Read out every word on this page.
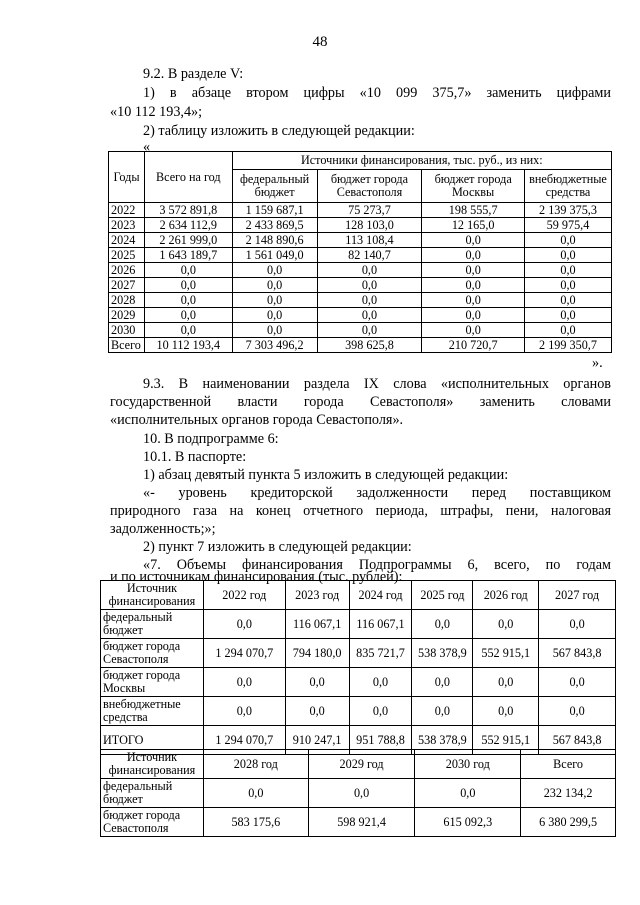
48
9.2. В разделе V:
1) в абзаце втором цифры «10 099 375,7» заменить цифрами
«10 112 193,4»;
2) таблицу изложить в следующей редакции:
«
Годы	Всего на год	Источники финансирования, тыс. руб., из них:			
		федеральный бюджет	бюджет города Севастополя	бюджет города Москвы	внебюджетные средства
2022	3 572 891,8	1 159 687,1	75 273,7	198 555,7	2 139 375,3
2023	2 634 112,9	2 433 869,5	128 103,0	12 165,0	59 975,4
2024	2 261 999,0	2 148 890,6	113 108,4	0,0	0,0
2025	1 643 189,7	1 561 049,0	82 140,7	0,0	0,0
2026	0,0	0,0	0,0	0,0	0,0
2027	0,0	0,0	0,0	0,0	0,0
2028	0,0	0,0	0,0	0,0	0,0
2029	0,0	0,0	0,0	0,0	0,0
2030	0,0	0,0	0,0	0,0	0,0
Всего	10 112 193,4	7 303 496,2	398 625,8	210 720,7	2 199 350,7
».
9.3. В наименовании раздела IX слова «исполнительных органов
государственной власти города Севастополя» заменить словами
«исполнительных органов города Севастополя».
10. В подпрограмме 6:
10.1. В паспорте:
1) абзац девятый пункта 5 изложить в следующей редакции:
«- уровень кредиторской задолженности перед поставщиком
природного газа на конец отчетного периода, штрафы, пени, налоговая
задолженность;»;
2) пункт 7 изложить в следующей редакции:
«7. Объемы финансирования Подпрограммы 6, всего, по годам
и по источникам финансирования (тыс. рублей):
Источник финансирования	2022 год	2023 год	2024 год	2025 год	2026 год	2027 год
федеральный бюджет	0,0	116 067,1	116 067,1	0,0	0,0	0,0
бюджет города Севастополя	1 294 070,7	794 180,0	835 721,7	538 378,9	552 915,1	567 843,8
бюджет города Москвы	0,0	0,0	0,0	0,0	0,0	0,0
внебюджетные средства	0,0	0,0	0,0	0,0	0,0	0,0
ИТОГО	1 294 070,7	910 247,1	951 788,8	538 378,9	552 915,1	567 843,8
Источник финансирования	2028 год	2029 год	2030 год	Всего
федеральный бюджет	0,0	0,0	0,0	232 134,2
бюджет города Севастополя	583 175,6	598 921,4	615 092,3	6 380 299,5
